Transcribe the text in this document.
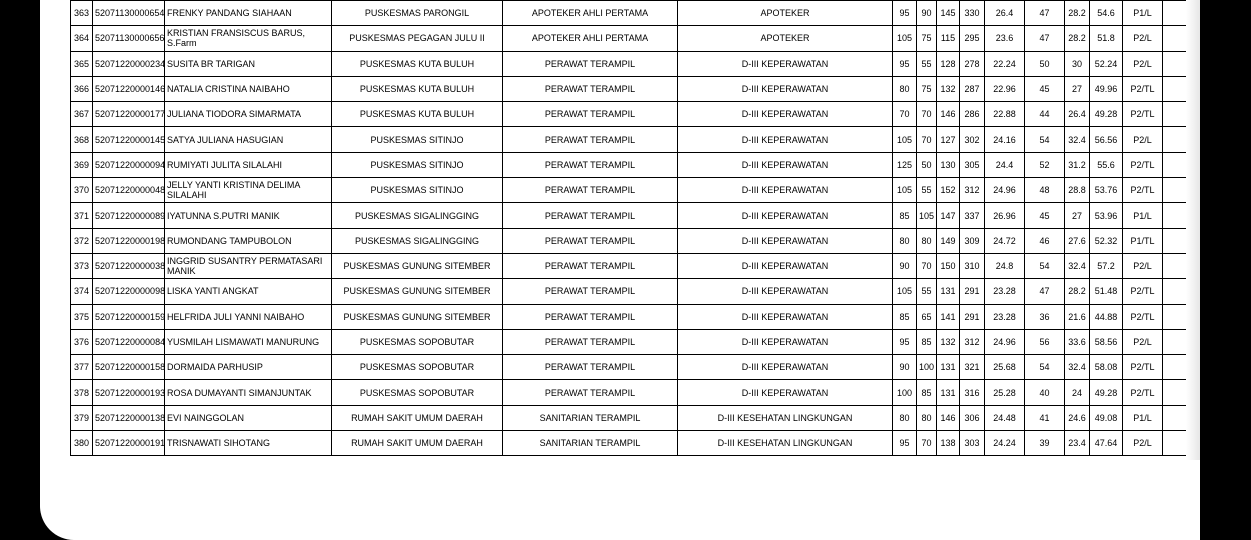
363	52071130000654	FRENKY PANDANG SIAHAAN	PUSKESMAS PARONGIL	APOTEKER AHLI PERTAMA	APOTEKER	95	90	145	330	26.4	47	28.2	54.6	P1/L	-	
364	52071130000656	KRISTIAN FRANSISCUS BARUS, S.Farm	PUSKESMAS PEGAGAN JULU II	APOTEKER AHLI PERTAMA	APOTEKER	105	75	115	295	23.6	47	28.2	51.8	P2/L	-	
365	52071220000234	SUSITA BR TARIGAN	PUSKESMAS KUTA BULUH	PERAWAT TERAMPIL	D-III KEPERAWATAN	95	55	128	278	22.24	50	30	52.24	P2/L	-	
366	52071220000146	NATALIA CRISTINA NAIBAHO	PUSKESMAS KUTA BULUH	PERAWAT TERAMPIL	D-III KEPERAWATAN	80	75	132	287	22.96	45	27	49.96	P2/TL	-	
367	52071220000177	JULIANA TIODORA SIMARMATA	PUSKESMAS KUTA BULUH	PERAWAT TERAMPIL	D-III KEPERAWATAN	70	70	146	286	22.88	44	26.4	49.28	P2/TL	-	
368	52071220000145	SATYA JULIANA HASUGIAN	PUSKESMAS SITINJO	PERAWAT TERAMPIL	D-III KEPERAWATAN	105	70	127	302	24.16	54	32.4	56.56	P2/L	-	
369	52071220000094	RUMIYATI JULITA SILALAHI	PUSKESMAS SITINJO	PERAWAT TERAMPIL	D-III KEPERAWATAN	125	50	130	305	24.4	52	31.2	55.6	P2/TL	-	
370	52071220000048	JELLY YANTI KRISTINA DELIMA SILALAHI	PUSKESMAS SITINJO	PERAWAT TERAMPIL	D-III KEPERAWATAN	105	55	152	312	24.96	48	28.8	53.76	P2/TL	-	
371	52071220000089	IYATUNNA S.PUTRI MANIK	PUSKESMAS SIGALINGGING	PERAWAT TERAMPIL	D-III KEPERAWATAN	85	105	147	337	26.96	45	27	53.96	P1/L	-	
372	52071220000198	RUMONDANG TAMPUBOLON	PUSKESMAS SIGALINGGING	PERAWAT TERAMPIL	D-III KEPERAWATAN	80	80	149	309	24.72	46	27.6	52.32	P1/TL	-	
373	52071220000038	INGGRID SUSANTRY PERMATASARI MANIK	PUSKESMAS GUNUNG SITEMBER	PERAWAT TERAMPIL	D-III KEPERAWATAN	90	70	150	310	24.8	54	32.4	57.2	P2/L	-	
374	52071220000098	LISKA YANTI ANGKAT	PUSKESMAS GUNUNG SITEMBER	PERAWAT TERAMPIL	D-III KEPERAWATAN	105	55	131	291	23.28	47	28.2	51.48	P2/TL	-	
375	52071220000159	HELFRIDA JULI YANNI NAIBAHO	PUSKESMAS GUNUNG SITEMBER	PERAWAT TERAMPIL	D-III KEPERAWATAN	85	65	141	291	23.28	36	21.6	44.88	P2/TL	-	
376	52071220000084	YUSMILAH LISMAWATI MANURUNG	PUSKESMAS SOPOBUTAR	PERAWAT TERAMPIL	D-III KEPERAWATAN	95	85	132	312	24.96	56	33.6	58.56	P2/L	-	
377	52071220000158	DORMAIDA PARHUSIP	PUSKESMAS SOPOBUTAR	PERAWAT TERAMPIL	D-III KEPERAWATAN	90	100	131	321	25.68	54	32.4	58.08	P2/TL	-	
378	52071220000193	ROSA DUMAYANTI SIMANJUNTAK	PUSKESMAS SOPOBUTAR	PERAWAT TERAMPIL	D-III KEPERAWATAN	100	85	131	316	25.28	40	24	49.28	P2/TL	-	
379	52071220000138	EVI NAINGGOLAN	RUMAH SAKIT UMUM DAERAH	SANITARIAN TERAMPIL	D-III KESEHATAN LINGKUNGAN	80	80	146	306	24.48	41	24.6	49.08	P1/L	-	
380	52071220000191	TRISNAWATI SIHOTANG	RUMAH SAKIT UMUM DAERAH	SANITARIAN TERAMPIL	D-III KESEHATAN LINGKUNGAN	95	70	138	303	24.24	39	23.4	47.64	P2/L	-	
